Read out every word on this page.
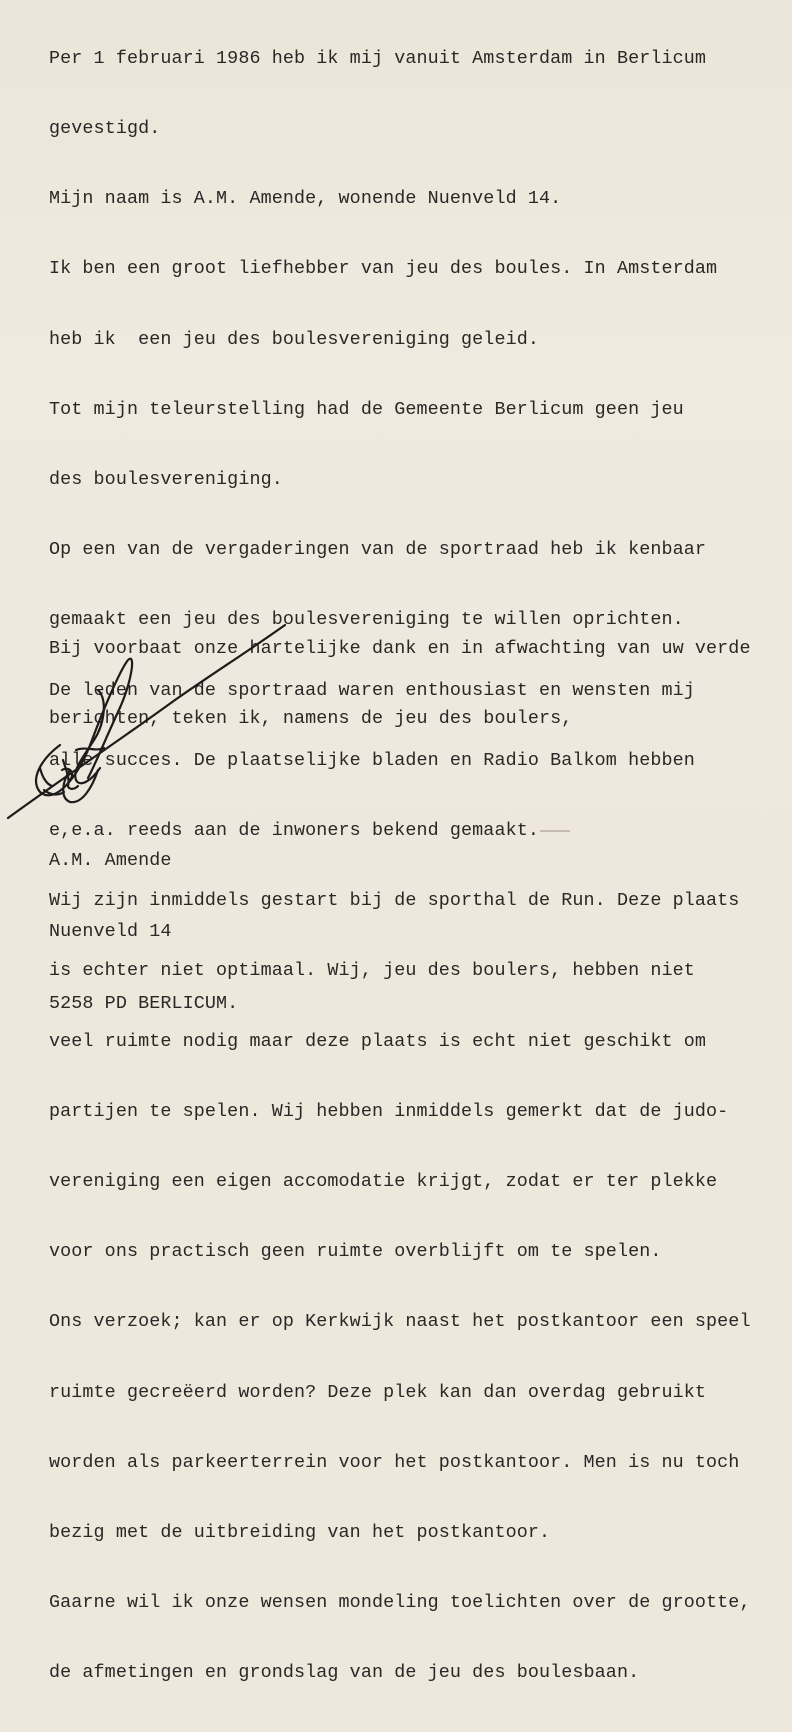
Per 1 februari 1986 heb ik mij vanuit Amsterdam in Berlicum

gevestigd.

Mijn naam is A.M. Amende, wonende Nuenveld 14.

Ik ben een groot liefhebber van jeu des boules. In Amsterdam

heb ik  een jeu des boulesvereniging geleid.

Tot mijn teleurstelling had de Gemeente Berlicum geen jeu

des boulesvereniging.

Op een van de vergaderingen van de sportraad heb ik kenbaar

gemaakt een jeu des boulesvereniging te willen oprichten.

De leden van de sportraad waren enthousiast en wensten mij

alle succes. De plaatselijke bladen en Radio Balkom hebben

e,e.a. reeds aan de inwoners bekend gemaakt.

Wij zijn inmiddels gestart bij de sporthal de Run. Deze plaats

is echter niet optimaal. Wij, jeu des boulers, hebben niet

veel ruimte nodig maar deze plaats is echt niet geschikt om

partijen te spelen. Wij hebben inmiddels gemerkt dat de judo-

vereniging een eigen accomodatie krijgt, zodat er ter plekke

voor ons practisch geen ruimte overblijft om te spelen.

Ons verzoek; kan er op Kerkwijk naast het postkantoor een speel

ruimte gecreëerd worden? Deze plek kan dan overdag gebruikt

worden als parkeerterrein voor het postkantoor. Men is nu toch

bezig met de uitbreiding van het postkantoor.

Gaarne wil ik onze wensen mondeling toelichten over de grootte,

de afmetingen en grondslag van de jeu des boulesbaan.

Bij voorbaat onze hartelijke dank en in afwachting van uw verde

berichten, teken ik, namens de jeu des boulers,

A.M. Amende

Nuenveld 14

5258 PD BERLICUM.
